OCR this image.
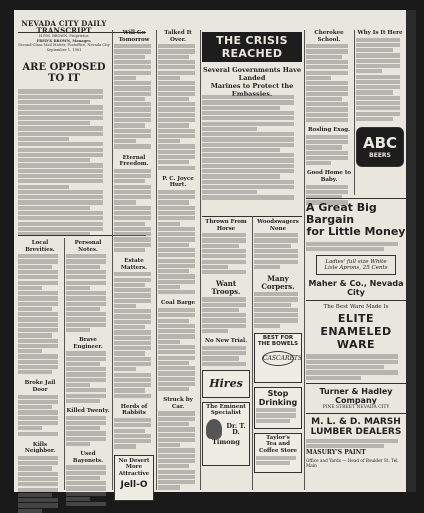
NEVADA CITY DAILY TRANSCRIPT
H.P.M. BROWN, Proprietor.
FRED'K BROWN, Manager.
Second-Class Mail Matter, Postoffice, Nevada City
September 1, 1901
ARE OPPOSED TO IT
Local Brevities.
Broke Jail Door
Kills Neighbor.
Personal Notes.
Brave Engineer.
Killed Twenty.
Used Bayonets.
Will Go Tomorrow
Eternal Freedom.
Estate Matters.
Herds of Rabbits
No Desert More Attractive
Jell-O
Talked It Over.
P. C. Joyce Hurt.
Coal Barge
Struck by Car.
THE CRISIS REACHED
Several Governments Have Landed
Marines to Protect the
Embassies.
Thrown From Horse
Want Troops.
No New Trial.
Hires
The Eminent Specialist
Dr. T. D. Timong
Woodswagers None
Many Corpers.
BEST FOR THE BOWELS
CASCARETS
Stop Drinking
Taylor's
Tea and Coffee Store
Cherokee School.
Rosling Exag.
Good Home to Baby.
Why Is It Here
ABC
BEERS
A Great Big Bargain
for Little Money
Ladies' full size White
Lisle Aprons, 25 Cents
Maher & Co., Nevada City
The Best Ware Made Is
ELITE ENAMELED WARE
Turner & Hadley Company
PINE STREET NEVADA CITY
M. L. & D. MARSH
LUMBER DEALERS
MASURY'S PAINT
Office and Yards — Head of Boulder St. Tel. Main
